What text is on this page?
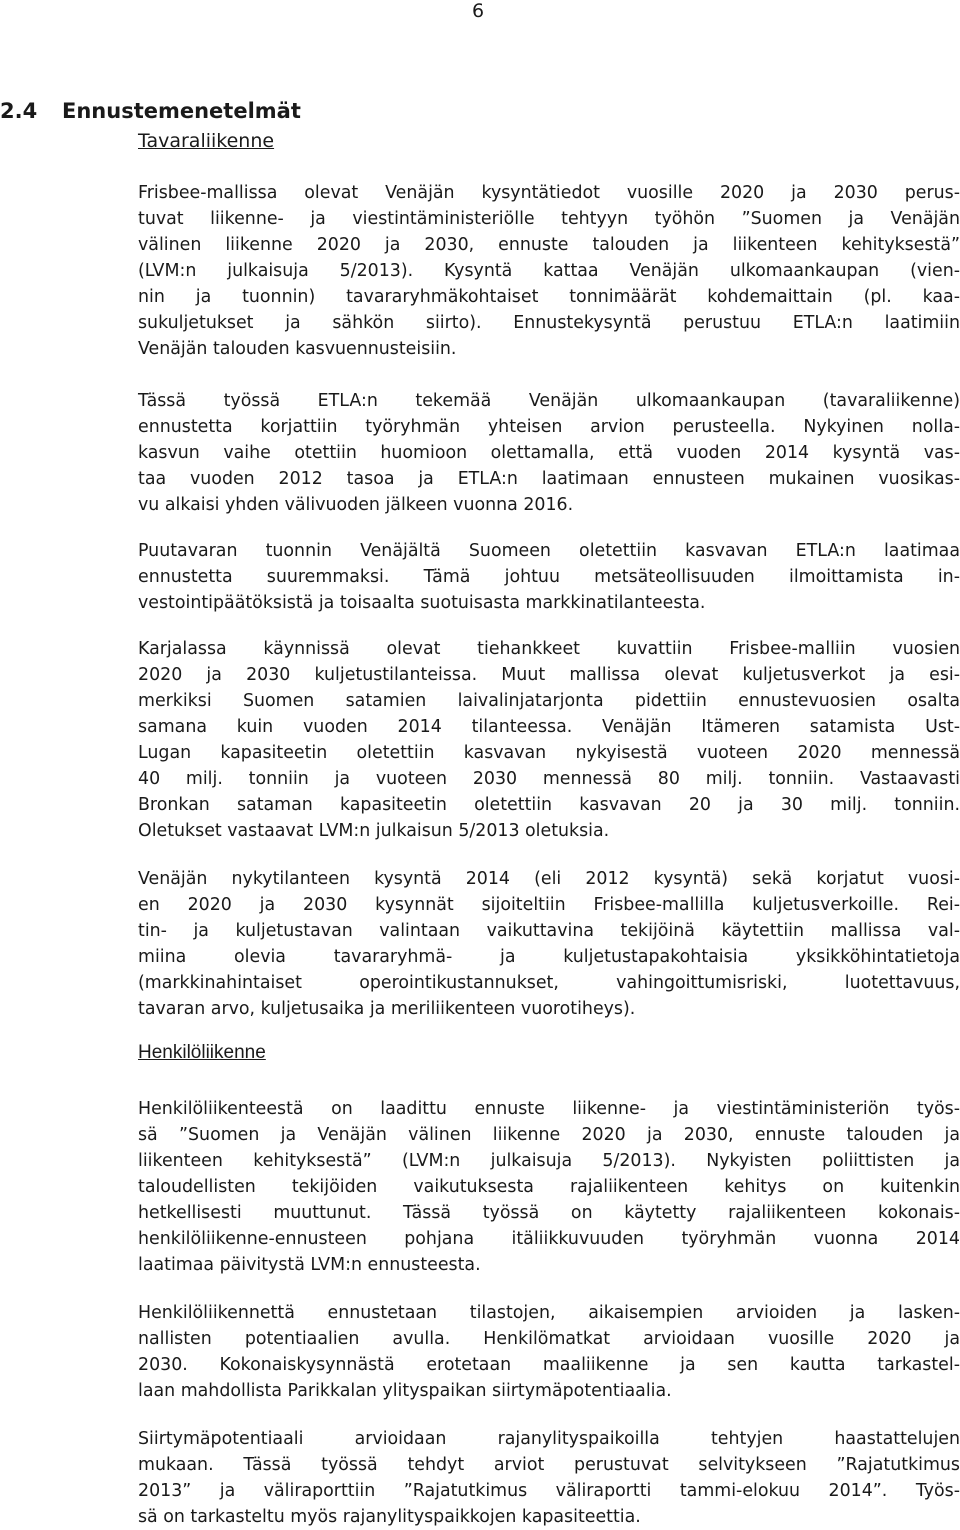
6
2.4 Ennustemenetelmät
Tavaraliikenne
Frisbee-mallissa olevat Venäjän kysyntätiedot vuosille 2020 ja 2030 perus-
tuvat liikenne- ja viestintäministeriölle tehtyyn työhön ”Suomen ja Venäjän
välinen liikenne 2020 ja 2030, ennuste talouden ja liikenteen kehityksestä”
(LVM:n julkaisuja 5/2013). Kysyntä kattaa Venäjän ulkomaankaupan (vien-
nin ja tuonnin) tavararyhmäkohtaiset tonnimäärät kohdemaittain (pl. kaa-
sukuljetukset ja sähkön siirto). Ennustekysyntä perustuu ETLA:n laatimiin
Venäjän talouden kasvuennusteisiin.
Tässä työssä ETLA:n tekemää Venäjän ulkomaankaupan (tavaraliikenne)
ennustetta korjattiin työryhmän yhteisen arvion perusteella. Nykyinen nolla-
kasvun vaihe otettiin huomioon olettamalla, että vuoden 2014 kysyntä vas-
taa vuoden 2012 tasoa ja ETLA:n laatimaan ennusteen mukainen vuosikas-
vu alkaisi yhden välivuoden jälkeen vuonna 2016.
Puutavaran tuonnin Venäjältä Suomeen oletettiin kasvavan ETLA:n laatimaa
ennustetta suuremmaksi. Tämä johtuu metsäteollisuuden ilmoittamista in-
vestointipäätöksistä ja toisaalta suotuisasta markkinatilanteesta.
Karjalassa käynnissä olevat tiehankkeet kuvattiin Frisbee-malliin vuosien
2020 ja 2030 kuljetustilanteissa. Muut mallissa olevat kuljetusverkot ja esi-
merkiksi Suomen satamien laivalinjatarjonta pidettiin ennustevuosien osalta
samana kuin vuoden 2014 tilanteessa. Venäjän Itämeren satamista Ust-
Lugan kapasiteetin oletettiin kasvavan nykyisestä vuoteen 2020 mennessä
40 milj. tonniin ja vuoteen 2030 mennessä 80 milj. tonniin. Vastaavasti
Bronkan sataman kapasiteetin oletettiin kasvavan 20 ja 30 milj. tonniin.
Oletukset vastaavat LVM:n julkaisun 5/2013 oletuksia.
Venäjän nykytilanteen kysyntä 2014 (eli 2012 kysyntä) sekä korjatut vuosi-
en 2020 ja 2030 kysynnät sijoiteltiin Frisbee-mallilla kuljetusverkoille. Rei-
tin- ja kuljetustavan valintaan vaikuttavina tekijöinä käytettiin mallissa val-
miina olevia tavararyhmä- ja kuljetustapakohtaisia yksikköhintatietoja
(markkinahintaiset operointikustannukset, vahingoittumisriski, luotettavuus,
tavaran arvo, kuljetusaika ja meriliikenteen vuorotiheys).
Henkilöliikenne
Henkilöliikenteestä on laadittu ennuste liikenne- ja viestintäministeriön työs-
sä ”Suomen ja Venäjän välinen liikenne 2020 ja 2030, ennuste talouden ja
liikenteen kehityksestä” (LVM:n julkaisuja 5/2013). Nykyisten poliittisten ja
taloudellisten tekijöiden vaikutuksesta rajaliikenteen kehitys on kuitenkin
hetkellisesti muuttunut. Tässä työssä on käytetty rajaliikenteen kokonais-
henkilöliikenne-ennusteen pohjana itäliikkuvuuden työryhmän vuonna 2014
laatimaa päivitystä LVM:n ennusteesta.
Henkilöliikennettä ennustetaan tilastojen, aikaisempien arvioiden ja lasken-
nallisten potentiaalien avulla. Henkilömatkat arvioidaan vuosille 2020 ja
2030. Kokonaiskysynnästä erotetaan maaliikenne ja sen kautta tarkastel-
laan mahdollista Parikkalan ylityspaikan siirtymäpotentiaalia.
Siirtymäpotentiaali arvioidaan rajanylityspaikoilla tehtyjen haastattelujen
mukaan. Tässä työssä tehdyt arviot perustuvat selvitykseen ”Rajatutkimus
2013” ja väliraporttiin ”Rajatutkimus väliraportti tammi-elokuu 2014”. Työs-
sä on tarkasteltu myös rajanylityspaikkojen kapasiteettia.
